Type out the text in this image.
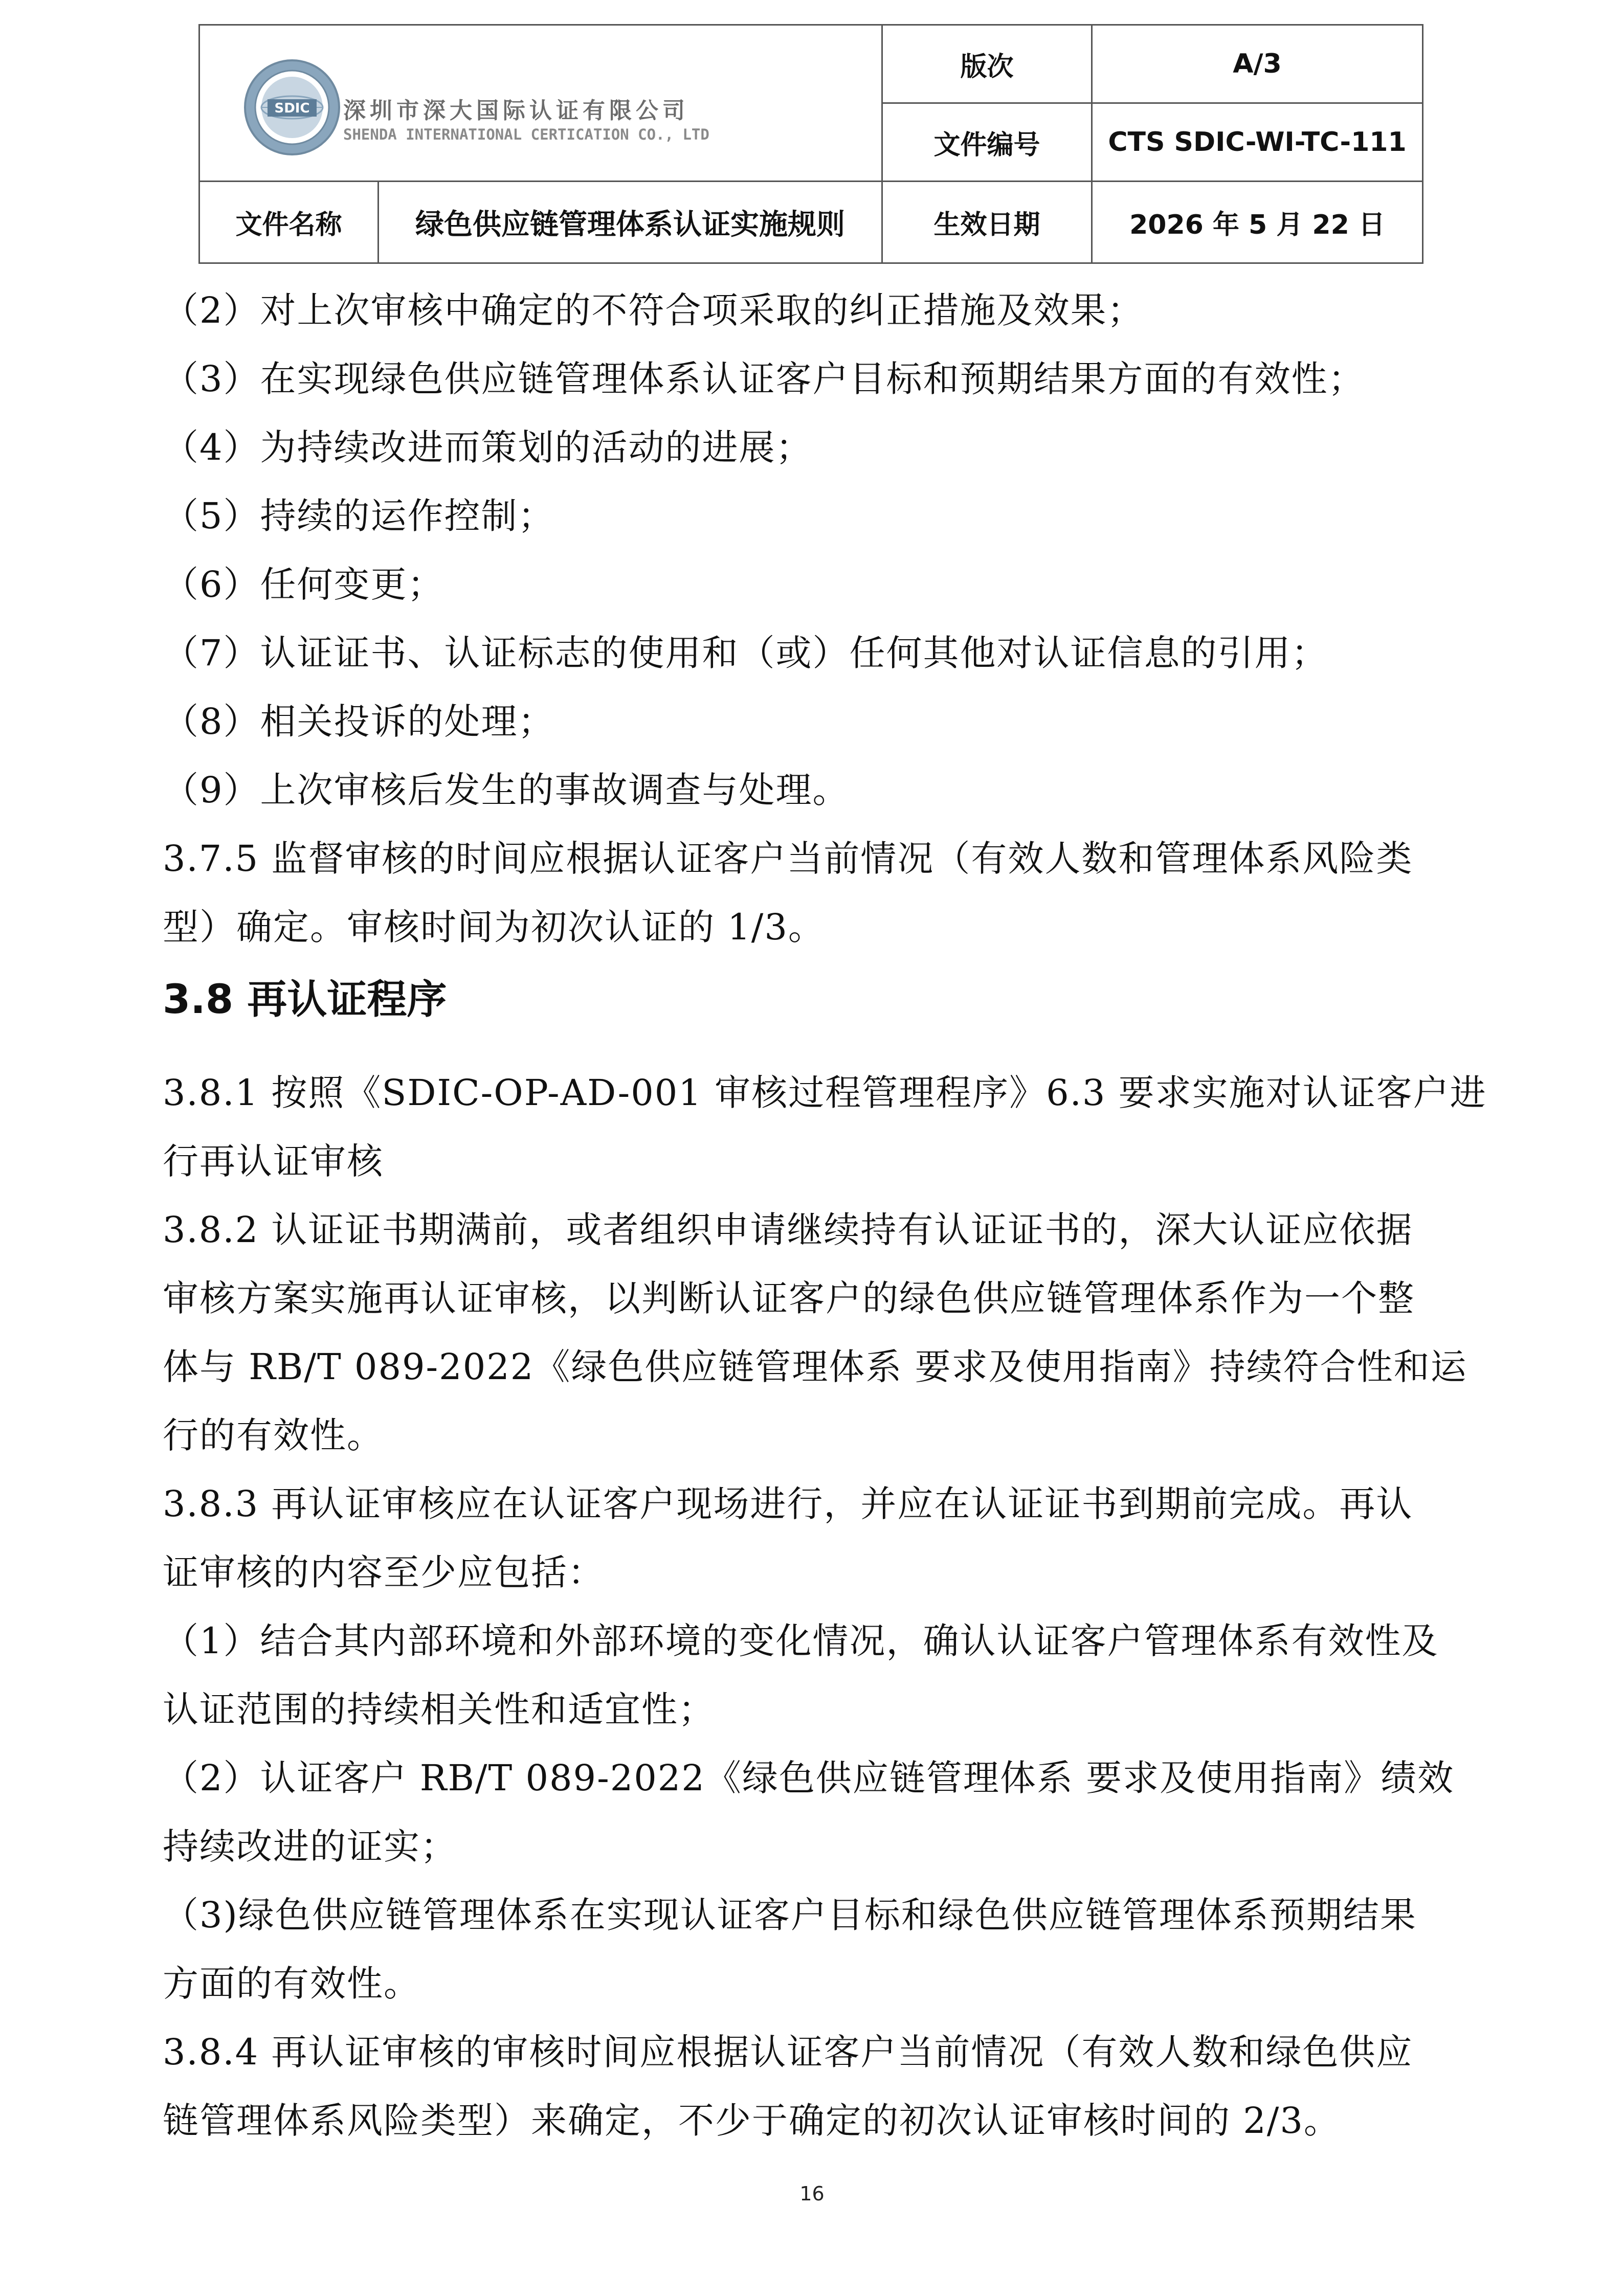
SDIC 深圳市深大国际认证有限公司
SHENDA INTERNATIONAL CERTICATION CO., LTD		版次	A/3
		文件编号	CTS SDIC-WI-TC-111
文件名称	绿色供应链管理体系认证实施规则	生效日期	2026 年 5 月 22 日
（2）对上次审核中确定的不符合项采取的纠正措施及效果；
（3）在实现绿色供应链管理体系认证客户目标和预期结果方面的有效性；
（4）为持续改进而策划的活动的进展；
（5）持续的运作控制；
（6）任何变更；
（7）认证证书、认证标志的使用和（或）任何其他对认证信息的引用；
（8）相关投诉的处理；
（9）上次审核后发生的事故调查与处理。
3.7.5 监督审核的时间应根据认证客户当前情况（有效人数和管理体系风险类
型）确定。审核时间为初次认证的 1/3。
3.8 再认证程序
3.8.1 按照《SDIC-OP-AD-001 审核过程管理程序》6.3 要求实施对认证客户进
行再认证审核
3.8.2 认证证书期满前，或者组织申请继续持有认证证书的，深大认证应依据
审核方案实施再认证审核，以判断认证客户的绿色供应链管理体系作为一个整
体与 RB/T 089-2022《绿色供应链管理体系 要求及使用指南》持续符合性和运
行的有效性。
3.8.3 再认证审核应在认证客户现场进行，并应在认证证书到期前完成。再认
证审核的内容至少应包括：
（1）结合其内部环境和外部环境的变化情况，确认认证客户管理体系有效性及
认证范围的持续相关性和适宜性；
（2）认证客户 RB/T 089-2022《绿色供应链管理体系 要求及使用指南》绩效
持续改进的证实；
（3)绿色供应链管理体系在实现认证客户目标和绿色供应链管理体系预期结果
方面的有效性。
3.8.4 再认证审核的审核时间应根据认证客户当前情况（有效人数和绿色供应
链管理体系风险类型）来确定，不少于确定的初次认证审核时间的 2/3。
16
